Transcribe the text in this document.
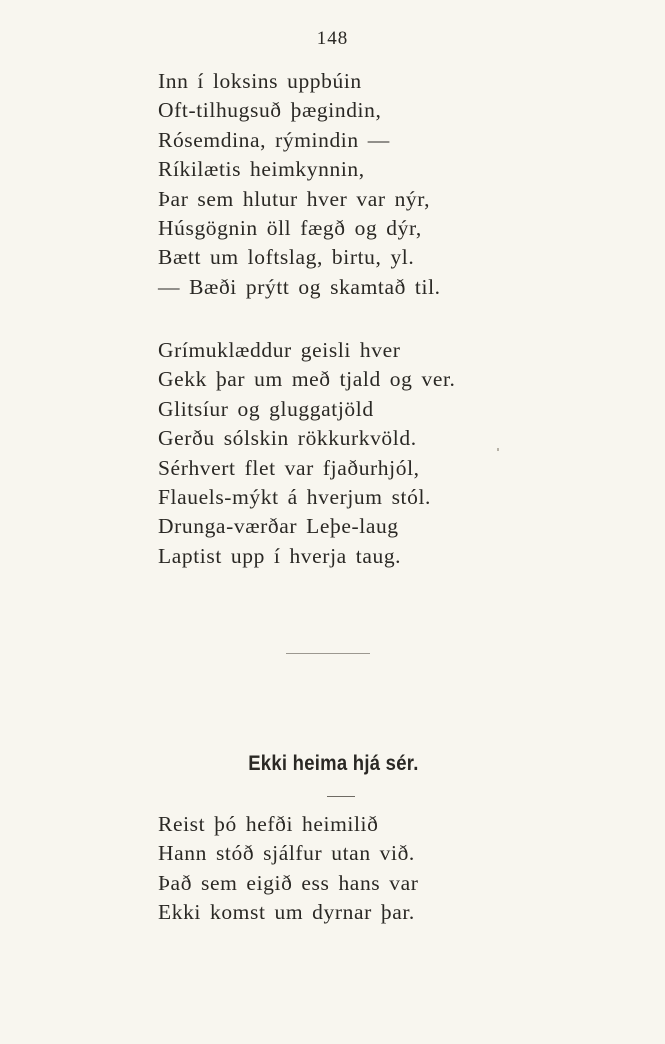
148
Inn í loksins uppbúin
Oft-tilhugsuð þægindin,
Rósemdina, rýmindin —
Ríkilætis heimkynnin,
Þar sem hlutur hver var nýr,
Húsgögnin öll fægð og dýr,
Bætt um loftslag, birtu, yl.
— Bæði prýtt og skamtað til.
Grímuklæddur geisli hver
Gekk þar um með tjald og ver.
Glitsíur og gluggatjöld
Gerðu sólskin rökkurkvöld.
Sérhvert flet var fjaðurhjól,
Flauels-mýkt á hverjum stól.
Drunga-værðar Leþe-laug
Laptist upp í hverja taug.
Ekki heima hjá sér.
Reist þó hefði heimilið
Hann stóð sjálfur utan við.
Það sem eigið ess hans var
Ekki komst um dyrnar þar.
